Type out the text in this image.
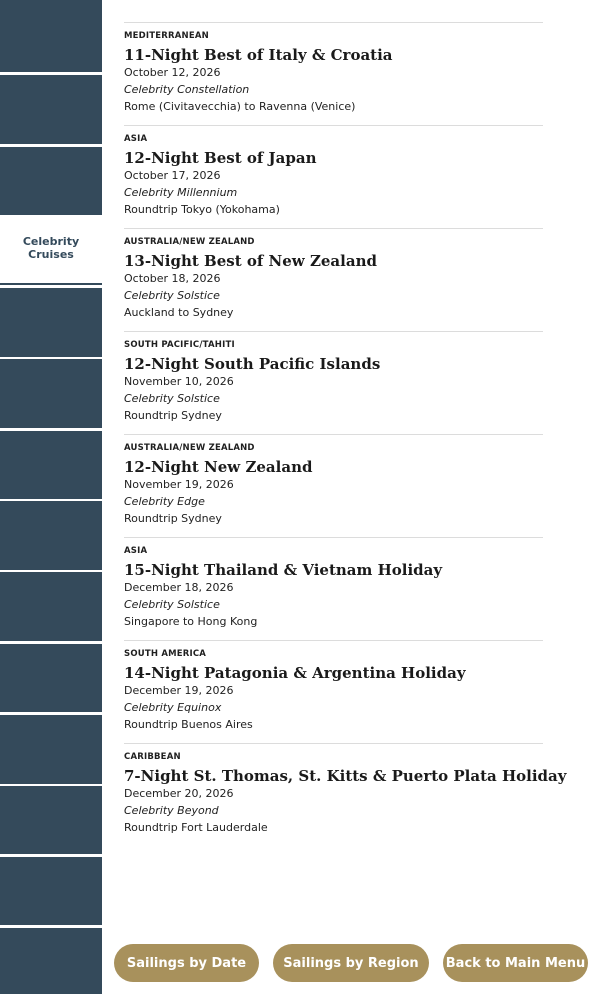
Celebrity Cruises
MEDITERRANEAN
11-Night Best of Italy & Croatia
October 12, 2026
Celebrity Constellation
Rome (Civitavecchia) to Ravenna (Venice)
ASIA
12-Night Best of Japan
October 17, 2026
Celebrity Millennium
Roundtrip Tokyo (Yokohama)
AUSTRALIA/NEW ZEALAND
13-Night Best of New Zealand
October 18, 2026
Celebrity Solstice
Auckland to Sydney
SOUTH PACIFIC/TAHITI
12-Night South Pacific Islands
November 10, 2026
Celebrity Solstice
Roundtrip Sydney
AUSTRALIA/NEW ZEALAND
12-Night New Zealand
November 19, 2026
Celebrity Edge
Roundtrip Sydney
ASIA
15-Night Thailand & Vietnam Holiday
December 18, 2026
Celebrity Solstice
Singapore to Hong Kong
SOUTH AMERICA
14-Night Patagonia & Argentina Holiday
December 19, 2026
Celebrity Equinox
Roundtrip Buenos Aires
CARIBBEAN
7-Night St. Thomas, St. Kitts & Puerto Plata Holiday
December 20, 2026
Celebrity Beyond
Roundtrip Fort Lauderdale
Sailings by Date	Sailings by Region	Back to Main Menu
